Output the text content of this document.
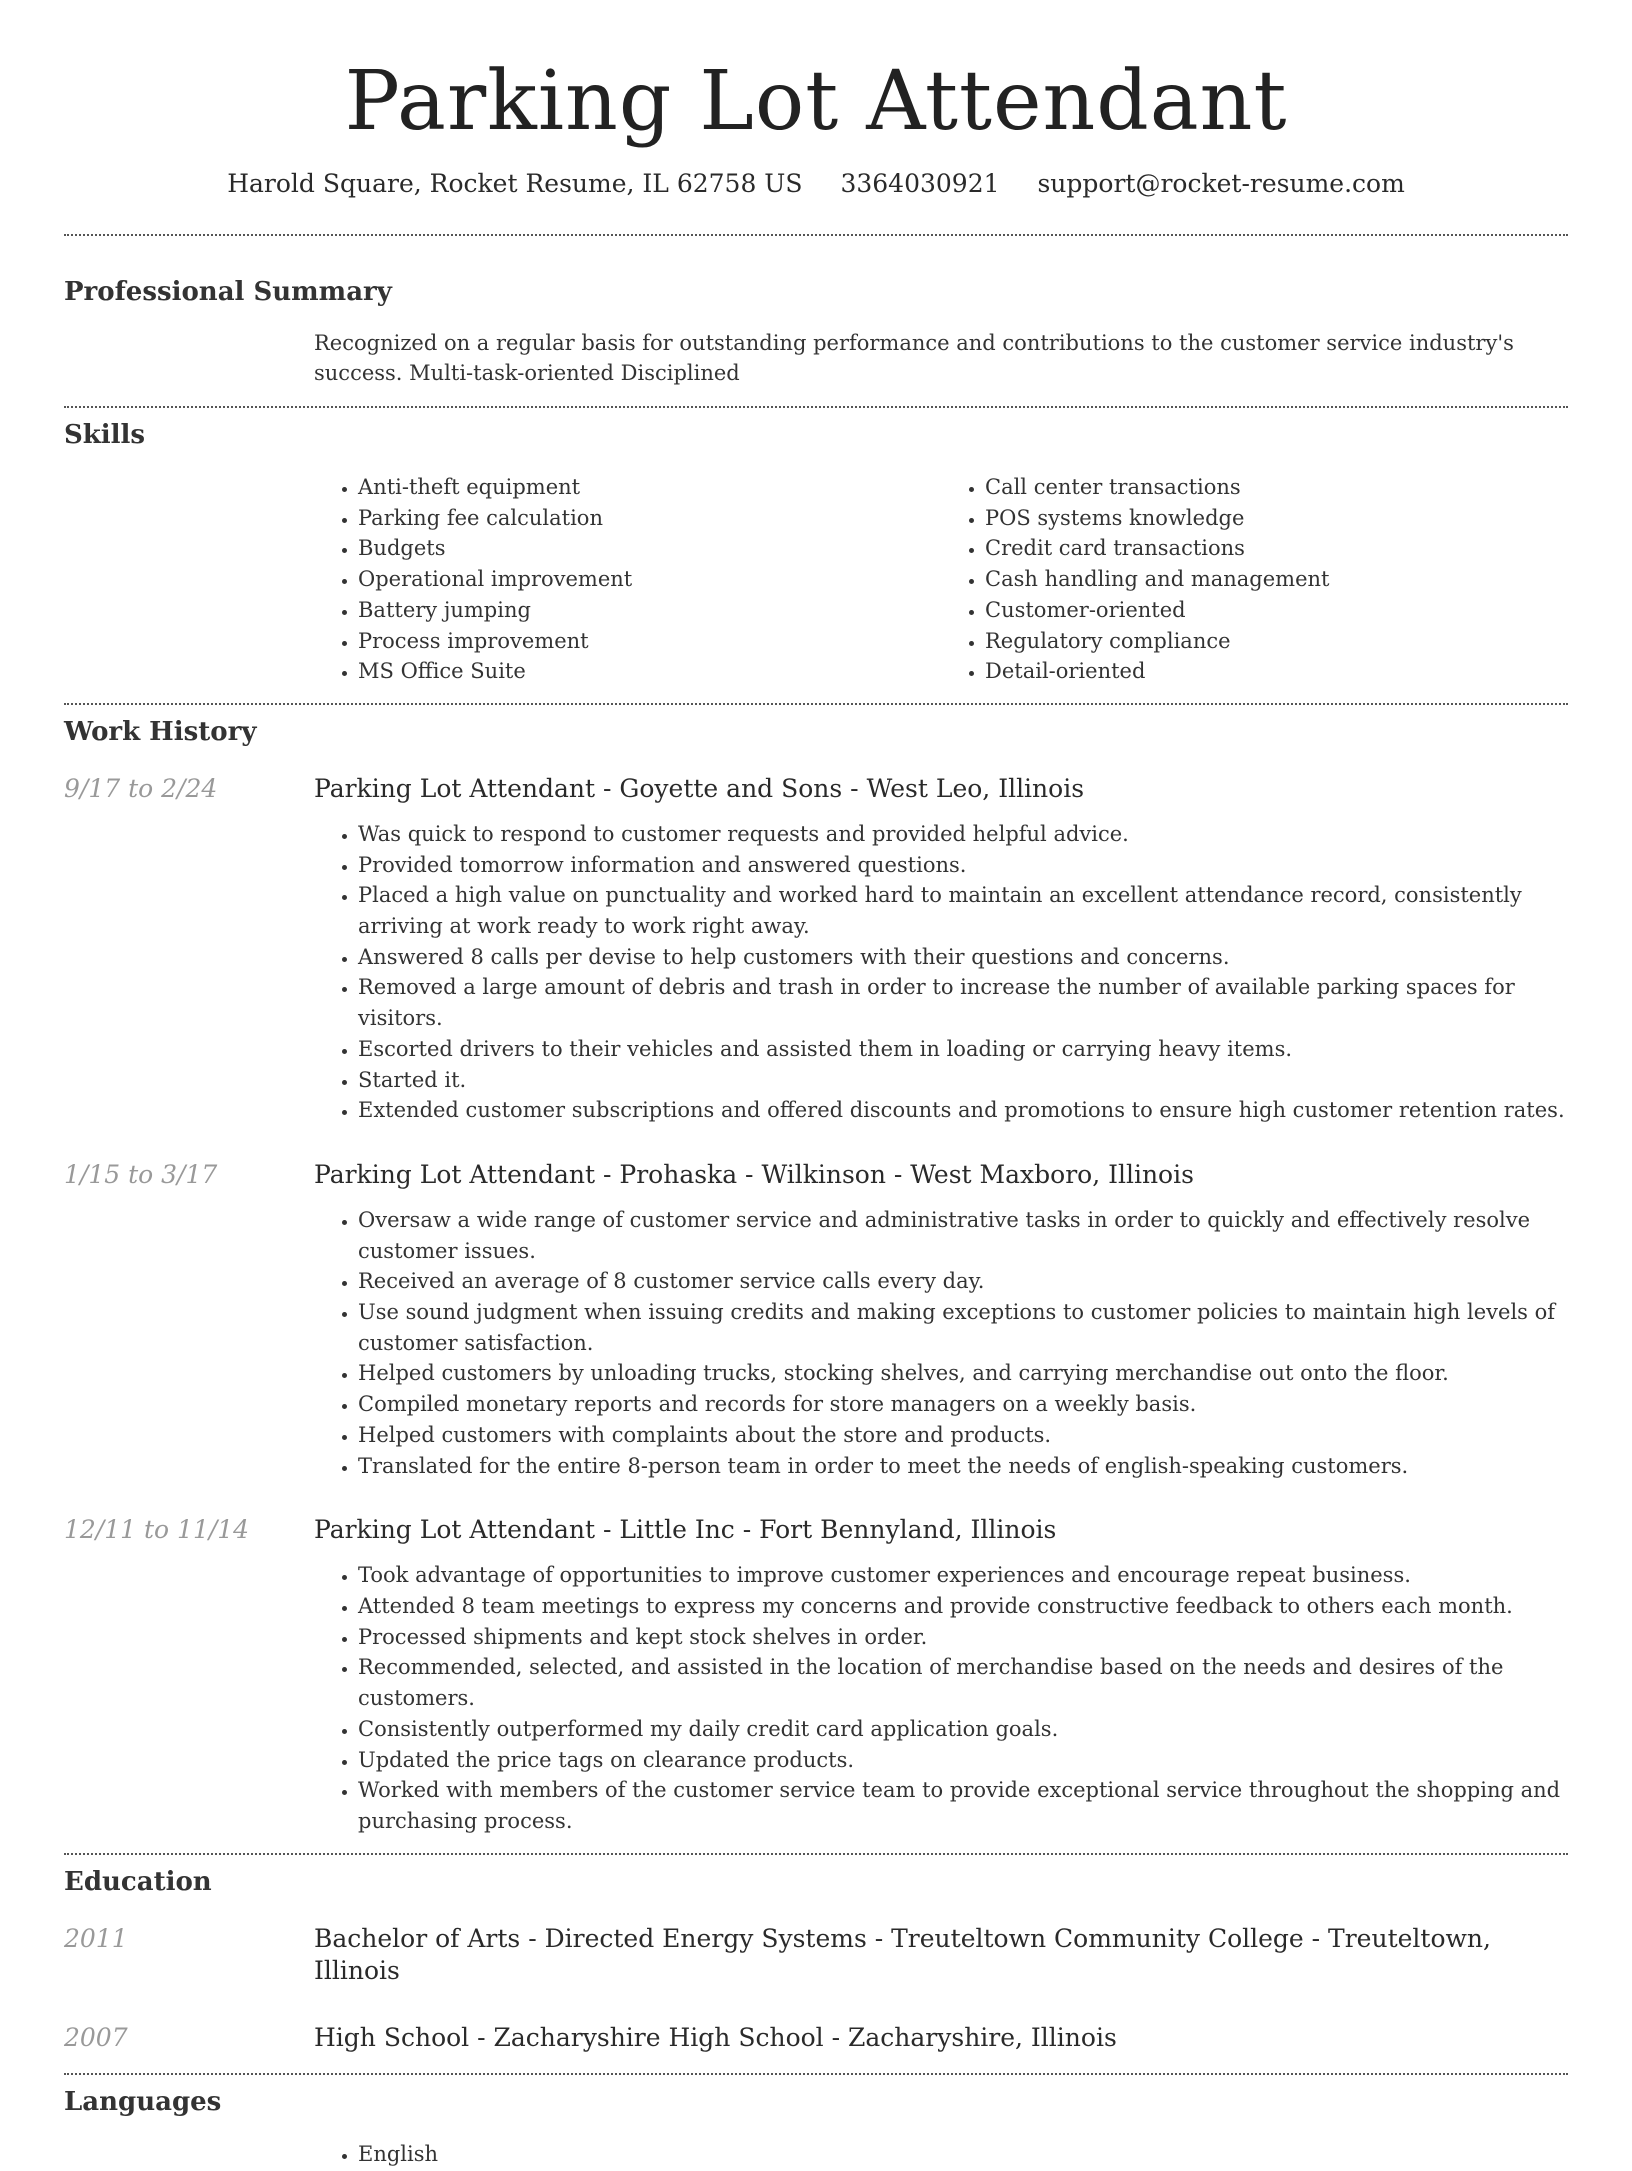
Parking Lot Attendant
Harold Square, Rocket Resume, IL 62758 US 3364030921 support@rocket-resume.com
Professional Summary
Recognized on a regular basis for outstanding performance and contributions to the customer service industry's success. Multi-task-oriented Disciplined
Skills
• Anti-theft equipment
• Parking fee calculation
• Budgets
• Operational improvement
• Battery jumping
• Process improvement
• MS Office Suite
• Call center transactions
• POS systems knowledge
• Credit card transactions
• Cash handling and management
• Customer-oriented
• Regulatory compliance
• Detail-oriented
Work History
9/17 to 2/24	Parking Lot Attendant - Goyette and Sons - West Leo, Illinois
• Was quick to respond to customer requests and provided helpful advice.
• Provided tomorrow information and answered questions.
• Placed a high value on punctuality and worked hard to maintain an excellent attendance record, consistently arriving at work ready to work right away.
• Answered 8 calls per devise to help customers with their questions and concerns.
• Removed a large amount of debris and trash in order to increase the number of available parking spaces for visitors.
• Escorted drivers to their vehicles and assisted them in loading or carrying heavy items.
• Started it.
• Extended customer subscriptions and offered discounts and promotions to ensure high customer retention rates.
1/15 to 3/17	Parking Lot Attendant - Prohaska - Wilkinson - West Maxboro, Illinois
• Oversaw a wide range of customer service and administrative tasks in order to quickly and effectively resolve customer issues.
• Received an average of 8 customer service calls every day.
• Use sound judgment when issuing credits and making exceptions to customer policies to maintain high levels of customer satisfaction.
• Helped customers by unloading trucks, stocking shelves, and carrying merchandise out onto the floor.
• Compiled monetary reports and records for store managers on a weekly basis.
• Helped customers with complaints about the store and products.
• Translated for the entire 8-person team in order to meet the needs of english-speaking customers.
12/11 to 11/14	Parking Lot Attendant - Little Inc - Fort Bennyland, Illinois
• Took advantage of opportunities to improve customer experiences and encourage repeat business.
• Attended 8 team meetings to express my concerns and provide constructive feedback to others each month.
• Processed shipments and kept stock shelves in order.
• Recommended, selected, and assisted in the location of merchandise based on the needs and desires of the customers.
• Consistently outperformed my daily credit card application goals.
• Updated the price tags on clearance products.
• Worked with members of the customer service team to provide exceptional service throughout the shopping and purchasing process.
Education
2011	Bachelor of Arts - Directed Energy Systems - Treuteltown Community College - Treuteltown, Illinois
2007	High School - Zacharyshire High School - Zacharyshire, Illinois
Languages
• English
